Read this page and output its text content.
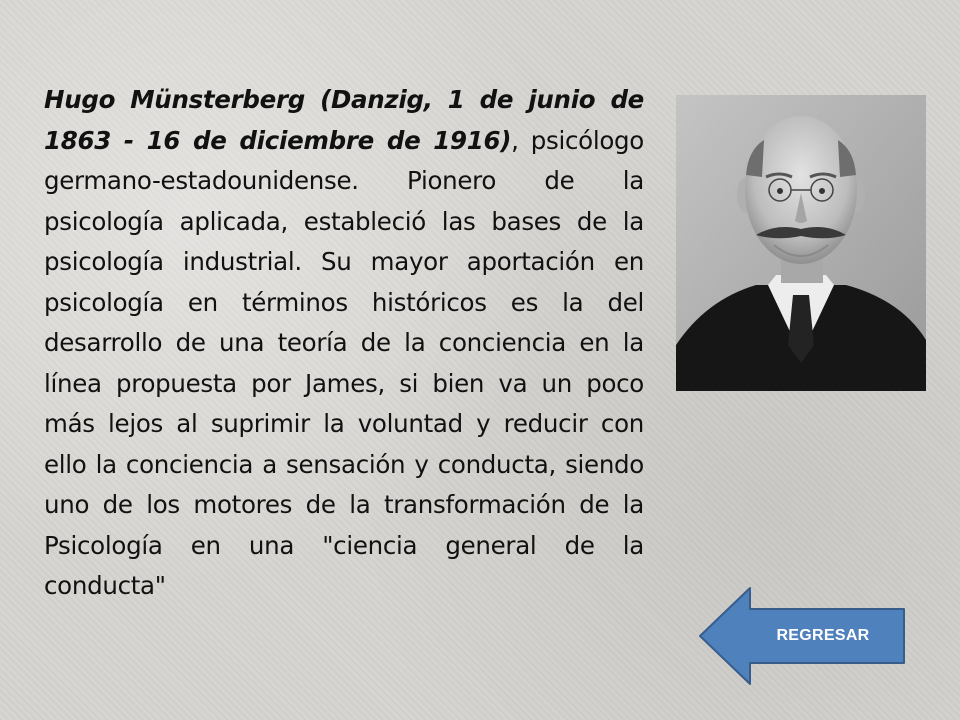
Hugo Münsterberg (Danzig, 1 de junio de 1863 - 16 de diciembre de 1916), psicólogo germano-estadounidense. Pionero de la psicología aplicada, estableció las bases de la psicología industrial. Su mayor aportación en psicología en términos históricos es la del desarrollo de una teoría de la conciencia en la línea propuesta por James, si bien va un poco más lejos al suprimir la voluntad y reducir con ello la conciencia a sensación y conducta, siendo uno de los motores de la transformación de la Psicología en una "ciencia general de la conducta"

REGRESAR
